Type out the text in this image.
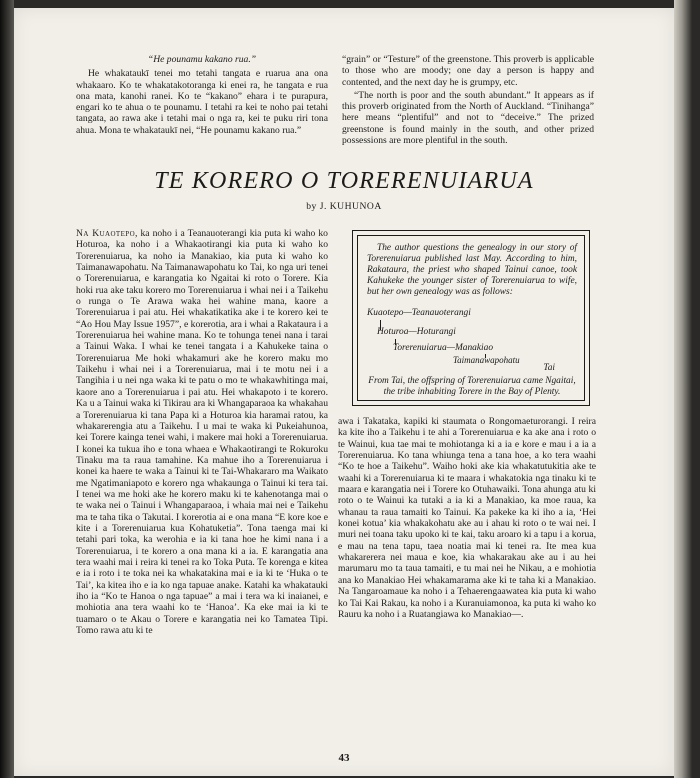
“He pounamu kakano rua.”

He whakataukī tenei mo tetahi tangata e ruarua ana ona whakaaro. Ko te whakatakotoranga ki enei ra, he tangata e rua ona mata, kanohi ranei. Ko te “kakano” ehara i te purapura, engari ko te ahua o te pounamu. I tetahi ra kei te noho pai tetahi tangata, ao rawa ake i tetahi mai o nga ra, kei te puku riri tona ahua. Mona te whakataukī nei, “He pounamu kakano rua.”

“grain” or “Testure” of the greenstone. This proverb is applicable to those who are moody; one day a person is happy and contented, and the next day he is grumpy, etc.

“The north is poor and the south abundant.” It appears as if this proverb originated from the North of Auckland. “Tinihanga” here means “plentiful” and not to “deceive.” The prized greenstone is found mainly in the south, and other prized possessions are more plentiful in the south.

TE KORERO O TORERENUIARUA
by J. KUHUNOA

Na Kuaotepo, ka noho i a Teanauoterangi kia puta ki waho ko Hoturoa, ka noho i a Whakaotirangi kia puta ki waho ko Torerenuiarua, ka noho ia Manakiao, kia puta ki waho ko Taimanawapohatu. Na Taimanawapohatu ko Tai, ko nga uri tenei o Torerenuiarua, e karangatia ko Ngaitai ki roto o Torere. Kia hoki rua ake taku korero mo Torerenuiarua i whai nei i a Taikehu o runga o Te Arawa waka hei wahine mana, kaore a Torerenuiarua i pai atu. Hei whakatikatika ake i te korero kei te “Ao Hou May Issue 1957”, e korerotia, ara i whai a Rakataura i a Torerenuiarua hei wahine mana. Ko te tohunga tenei nana i tarai a Tainui Waka. I whai ke tenei tangata i a Kahukeke taina o Torerenuiarua Me hoki whakamuri ake he korero maku mo Taikehu i whai nei i a Torerenuiarua, mai i te motu nei i a Tangihia i u nei nga waka ki te patu o mo te whakawhitinga mai, kaore ano a Torerenuiarua i pai atu. Hei whakapoto i te korero. Ka u a Tainui waka ki Tikirau ara ki Whangaparaoa ka whakahau a Torerenuiarua ki tana Papa ki a Hoturoa kia haramai ratou, ka whakarerengia atu a Taikehu. I u mai te waka ki Pukeiahunoa, kei Torere kainga tenei wahi, i makere mai hoki a Torerenuiarua. I konei ka tukua iho e tona whaea e Whakaotirangi te Rokuroku Tinaku ma ta raua tamahine. Ka mahue iho a Torerenuiarua i konei ka haere te waka a Tainui ki te Tai-Whakararo ma Waikato me Ngatimaniapoto e korero nga whakaunga o Tainui ki tera tai. I tenei wa me hoki ake he korero maku ki te kahenotanga mai o te waka nei o Tainui i Whangaparaoa, i whaia mai nei e Taikehu ma te taha tika o Takutai. I korerotia ai e ona mana “E kore koe e kite i a Torerenuiarua kua Kohatuketia”. Tona taenga mai ki tetahi pari toka, ka werohia e ia ki tana hoe he kimi nana i a Torerenuiarua, i te korero a ona mana ki a ia. E karangatia ana tera waahi mai i reira ki tenei ra ko Toka Puta. Te korenga e kitea e ia i roto i te toka nei ka whakatakina mai e ia ki te ‘Huka o te Tai’, ka kitea iho e ia ko nga tapuae anake. Katahi ka whakatauki iho ia “Ko te Hanoa o nga tapuae” a mai i tera wa ki inaianei, e mohiotia ana tera waahi ko te ‘Hanoa’. Ka eke mai ia ki te tuamaro o te Akau o Torere e karangatia nei ko Tamatea Tipi. Tomo rawa atu ki te

The author questions the genealogy in our story of Torerenuiarua published last May. According to him, Rakataura, the priest who shaped Tainui canoe, took Kahukeke the younger sister of Torerenuiarua to wife, but her own genealogy was as follows:

Kuaotepo—Teanauoterangi
Hoturoa—Hoturangi
Torerenuiarua—Manakiao
Taimanawapohatu
Tai
From Tai, the offspring of Torerenuiarua came Ngaitai, the tribe inhabiting Torere in the Bay of Plenty.

awa i Takataka, kapiki ki staumata o Rongomaeturorangi. I reira ka kite iho a Taikehu i te ahi a Torerenuiarua e ka ake ana i roto o te Wainui, kua tae mai te mohiotanga ki a ia e kore e mau i a ia a Torerenuiarua. Ko tana whiunga tena a tana hoe, a ko tera waahi “Ko te hoe a Taikehu”. Waiho hoki ake kia whakatutukitia ake te waahi ki a Torerenuiarua ki te maara i whakatokia nga tinaku ki te maara e karangatia nei i Torere ko Otuhawaiki. Tona ahunga atu ki roto o te Wainui ka tutaki a ia ki a Manakiao, ka moe raua, ka whanau ta raua tamaiti ko Tainui. Ka pakeke ka ki iho a ia, ‘Hei konei kotua’ kia whakakohatu ake au i ahau ki roto o te wai nei. I muri nei toana taku upoko ki te kai, taku aroaro ki a tapu i a korua, e mau na tena tapu, taea noatia mai ki tenei ra. Ite mea kua whakarerera nei maua e koe, kia whakarakau ake au i au hei marumaru mo ta taua tamaiti, e tu mai nei he Nikau, a e mohiotia ana ko Manakiao Hei whakamarama ake ki te taha ki a Manakiao. Na Tangaroamaue ka noho i a Tehaerengaawatea kia puta ki waho ko Tai Kai Rakau, ka noho i a Kuranuiamonoa, ka puta ki waho ko Rauru ka noho i a Ruatangiawa ko Manakiao—.

43
